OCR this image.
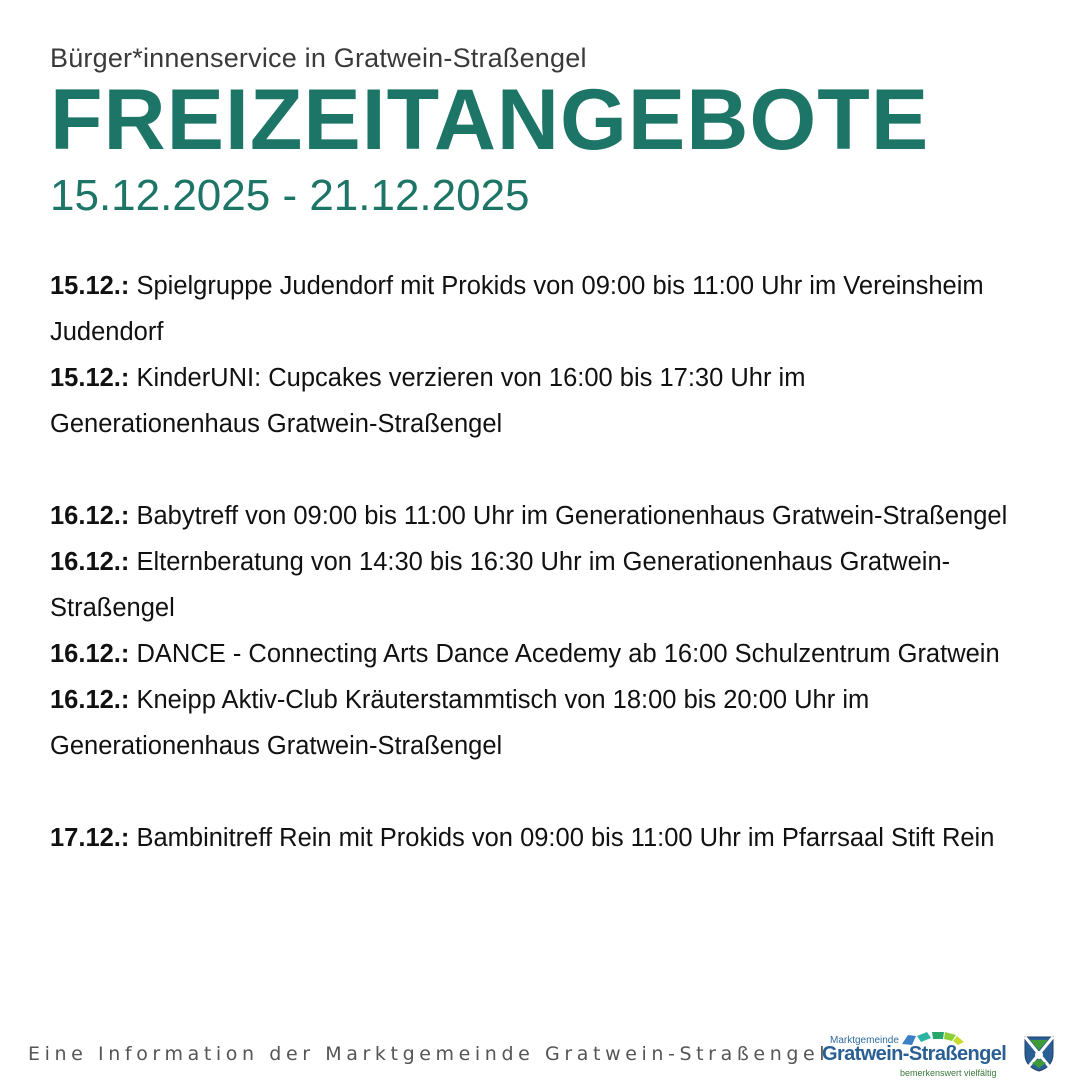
Bürger*innenservice in Gratwein-Straßengel
FREIZEITANGEBOTE
15.12.2025 - 21.12.2025
15.12.: Spielgruppe Judendorf mit Prokids von 09:00 bis 11:00 Uhr im Vereinsheim Judendorf
15.12.: KinderUNI: Cupcakes verzieren von 16:00 bis 17:30 Uhr im Generationenhaus Gratwein-Straßengel
16.12.: Babytreff von 09:00 bis 11:00 Uhr im Generationenhaus Gratwein-Straßengel
16.12.: Elternberatung von 14:30 bis 16:30 Uhr im Generationenhaus Gratwein-Straßengel
16.12.: DANCE - Connecting Arts Dance Acedemy ab 16:00 Schulzentrum Gratwein
16.12.: Kneipp Aktiv-Club Kräuterstammtisch von 18:00 bis 20:00 Uhr im Generationenhaus Gratwein-Straßengel
17.12.: Bambinitreff Rein mit Prokids von 09:00 bis 11:00 Uhr im Pfarrsaal Stift Rein
Eine Information der Marktgemeinde Gratwein-Straßengel
Marktgemeinde
Gratwein-Straßengel
bemerkenswert vielfältig
